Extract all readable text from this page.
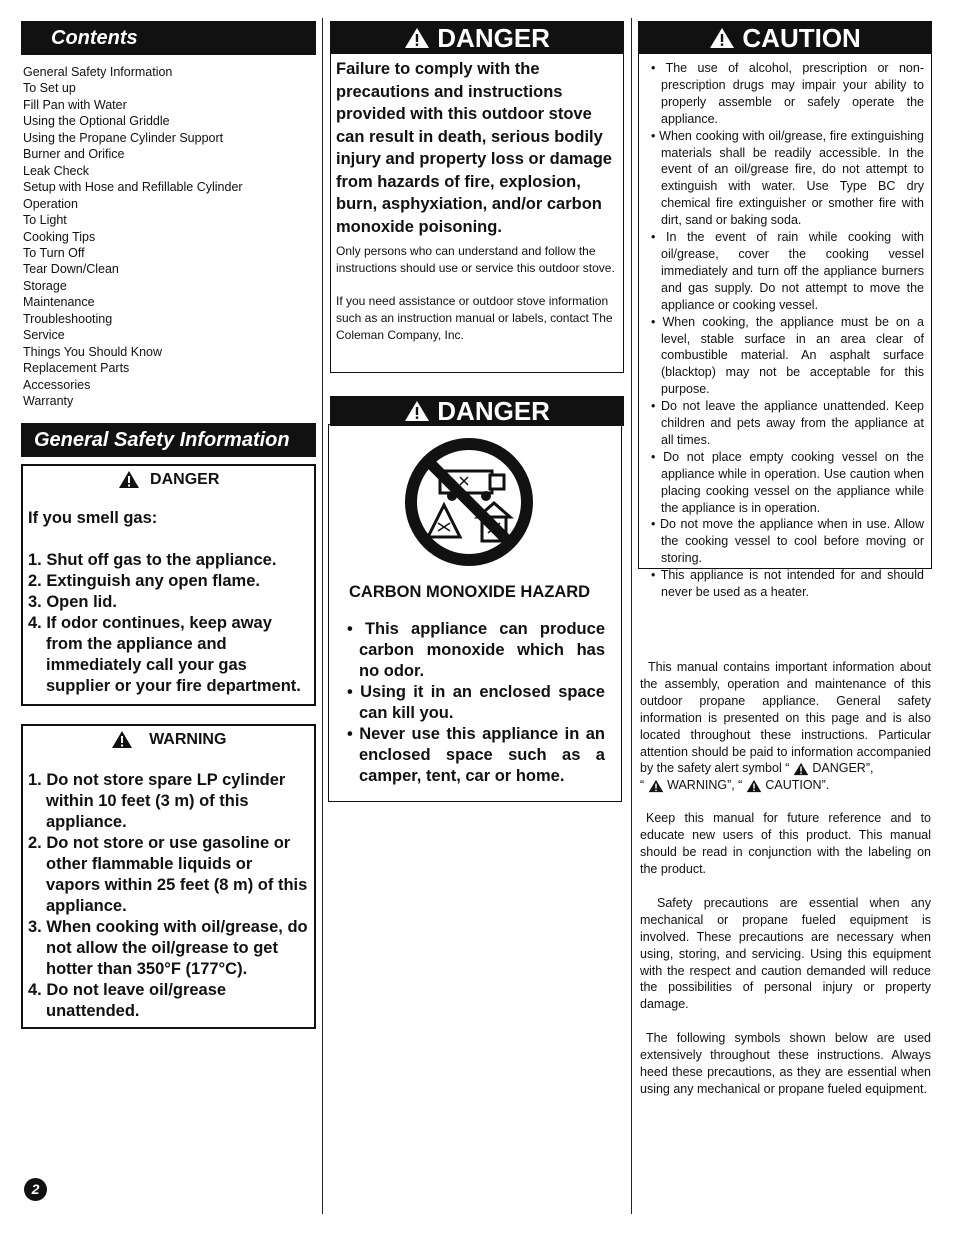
Contents
General Safety Information
To Set up
Fill Pan with Water
Using the Optional Griddle
Using the Propane Cylinder Support
Burner and Orifice
Leak Check
Setup with Hose and Refillable Cylinder
Operation
To Light
Cooking Tips
To Turn Off
Tear Down/Clean
Storage
Maintenance
Troubleshooting
Service
Things You Should Know
Replacement Parts
Accessories
Warranty
General Safety Information
DANGER
If you smell gas:
1. Shut off gas to the appliance.
2. Extinguish any open flame.
3. Open lid.
4. If odor continues, keep away from the appliance and immediately call your gas supplier or your fire department.
WARNING
1. Do not store spare LP cylinder within 10 feet (3 m) of this appliance.
2. Do not store or use gasoline or other flammable liquids or vapors within 25 feet (8 m) of this appliance.
3. When cooking with oil/grease, do not allow the oil/grease to get hotter than 350°F (177°C).
4. Do not leave oil/grease unattended.
2
DANGER
Failure to comply with the precautions and instructions provided with this outdoor stove can result in death, serious bodily injury and property loss or damage from hazards of fire, explosion, burn, asphyxiation, and/or carbon monoxide poisoning.
Only persons who can understand and follow the instructions should use or service this outdoor stove.
If you need assistance or outdoor stove information such as an instruction manual or labels, contact The Coleman Company, Inc.
DANGER
CARBON MONOXIDE HAZARD
• This appliance can produce carbon monoxide which has no odor.
• Using it in an enclosed space can kill you.
• Never use this appliance in an enclosed space such as a camper, tent, car or home.
CAUTION
• The use of alcohol, prescription or non-prescription drugs may impair your ability to properly assemble or safely operate the appliance.
• When cooking with oil/grease, fire extinguishing materials shall be readily accessible. In the event of an oil/grease fire, do not attempt to extinguish with water. Use Type BC dry chemical fire extinguisher or smother fire with dirt, sand or baking soda.
• In the event of rain while cooking with oil/grease, cover the cooking vessel immediately and turn off the appliance burners and gas supply. Do not attempt to move the appliance or cooking vessel.
• When cooking, the appliance must be on a level, stable surface in an area clear of combustible material. An asphalt surface (blacktop) may not be acceptable for this purpose.
• Do not leave the appliance unattended. Keep children and pets away from the appliance at all times.
• Do not place empty cooking vessel on the appliance while in operation. Use caution when placing cooking vessel on the appliance while the appliance is in operation.
• Do not move the appliance when in use. Allow the cooking vessel to cool before moving or storing.
• This appliance is not intended for and should never be used as a heater.
This manual contains important information about the assembly, operation and maintenance of this outdoor propane appliance. General safety information is presented on this page and is also located throughout these instructions. Particular attention should be paid to information accompanied by the safety alert symbol “ DANGER”,
“  WARNING”, “ CAUTION”.
Keep this manual for future reference and to educate new users of this product. This manual should be read in conjunction with the labeling on the product.
Safety precautions are essential when any mechanical or propane fueled equipment is involved. These precautions are necessary when using, storing, and servicing. Using this equipment with the respect and caution demanded will reduce the possibilities of personal injury or property damage.
The following symbols shown below are used extensively throughout these instructions. Always heed these precautions, as they are essential when using any mechanical or propane fueled equipment.
